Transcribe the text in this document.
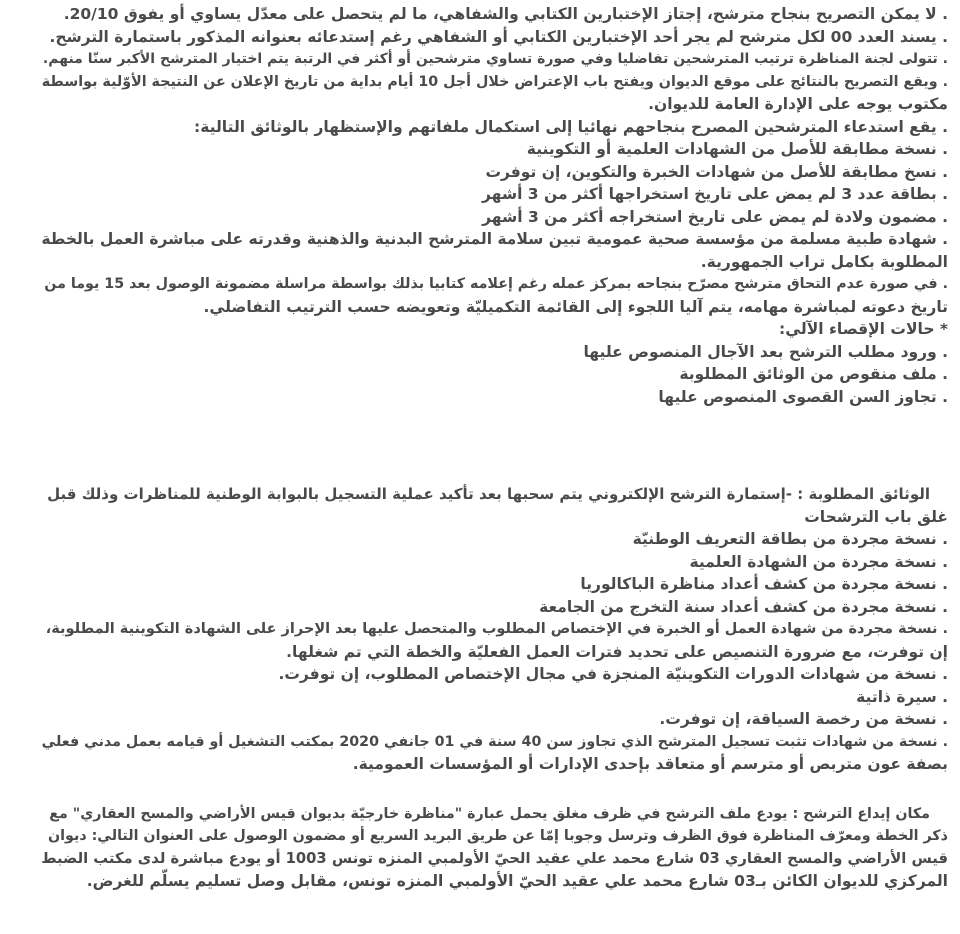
. لا يمكن التصريح بنجاح مترشح، إجتاز الإختبارين الكتابي والشفاهي، ما لم يتحصل على معدّل يساوي أو يفوق 20/10.
. يسند العدد 00 لكل مترشح لم يجر أحد الإختبارين الكتابي أو الشفاهي رغم إستدعائه بعنوانه المذكور باستمارة الترشح.
. تتولى لجنة المناظرة ترتيب المترشحين تفاضليا وفي صورة تساوي مترشحين أو أكثر في الرتبة يتم اختيار المترشح الأكبر سنّا منهم.
. ويقع التصريح بالنتائج على موقع الديوان ويفتح باب الإعتراض خلال أجل 10 أيام بداية من تاريخ الإعلان عن النتيجة الأوّلية بواسطة
مكتوب يوجه على الإدارة العامة للديوان.
. يقع استدعاء المترشحين المصرح بنجاحهم نهائيا إلى استكمال ملفاتهم والإستظهار بالوثائق التالية:
. نسخة مطابقة للأصل من الشهادات العلمية أو التكوينية
. نسخ مطابقة للأصل من شهادات الخبرة والتكوين، إن توفرت
. بطاقة عدد 3 لم يمض على تاريخ استخراجها أكثر من 3 أشهر
. مضمون ولادة لم يمض على تاريخ استخراجه أكثر من 3 أشهر
. شهادة طبية مسلمة من مؤسسة صحية عمومية تبين سلامة المترشح البدنية والذهنية وقدرته على مباشرة العمل بالخطة
المطلوبة بكامل تراب الجمهورية.
. في صورة عدم التحاق مترشح مصرّح بنجاحه بمركز عمله رغم إعلامه كتابيا بذلك بواسطة مراسلة مضمونة الوصول بعد 15 يوما من
تاريخ دعوته لمباشرة مهامه، يتم آليا اللجوء إلى القائمة التكميليّة وتعويضه حسب الترتيب التفاضلي.
* حالات الإقصاء الآلي:
. ورود مطلب الترشح بعد الآجال المنصوص عليها
. ملف منقوص من الوثائق المطلوبة
. تجاوز السن القصوى المنصوص عليها
الوثائق المطلوبة : -إستمارة الترشح الإلكتروني يتم سحبها بعد تأكيد عملية التسجيل بالبوابة الوطنية للمناظرات وذلك قبل
غلق باب الترشحات
. نسخة مجردة من بطاقة التعريف الوطنيّة
. نسخة مجردة من الشهادة العلمية
. نسخة مجردة من كشف أعداد مناظرة الباكالوريا
. نسخة مجردة من كشف أعداد سنة التخرج من الجامعة
. نسخة مجردة من شهادة العمل أو الخبرة في الإختصاص المطلوب والمتحصل عليها بعد الإحراز على الشهادة التكوينية المطلوبة،
إن توفرت، مع ضرورة التنصيص على تحديد فترات العمل الفعليّة والخطة التي تم شغلها.
. نسخة من شهادات الدورات التكوينيّة المنجزة في مجال الإختصاص المطلوب، إن توفرت.
. سيرة ذاتية
. نسخة من رخصة السياقة، إن توفرت.
. نسخة من شهادات تثبت تسجيل المترشح الذي تجاوز سن 40 سنة في 01 جانفي 2020 بمكتب التشغيل أو قيامه بعمل مدني فعلي
بصفة عون متربص أو مترسم أو متعاقد بإحدى الإدارات أو المؤسسات العمومية.
مكان إيداع الترشح : يودع ملف الترشح في ظرف مغلق يحمل عبارة "مناظرة خارجيّة بديوان قيس الأراضي والمسح العقاري" مع
ذكر الخطة ومعرّف المناظرة فوق الظرف وترسل وجوبا إمّا عن طريق البريد السريع أو مضمون الوصول على العنوان التالي: ديوان
قيس الأراضي والمسح العقاري 03 شارع محمد علي عقيد الحيّ الأولمبي المنزه تونس 1003 أو يودع مباشرة لدى مكتب الضبط
المركزي للديوان الكائن بـ03 شارع محمد علي عقيد الحيّ الأولمبي المنزه تونس، مقابل وصل تسليم يسلّم للغرض.
